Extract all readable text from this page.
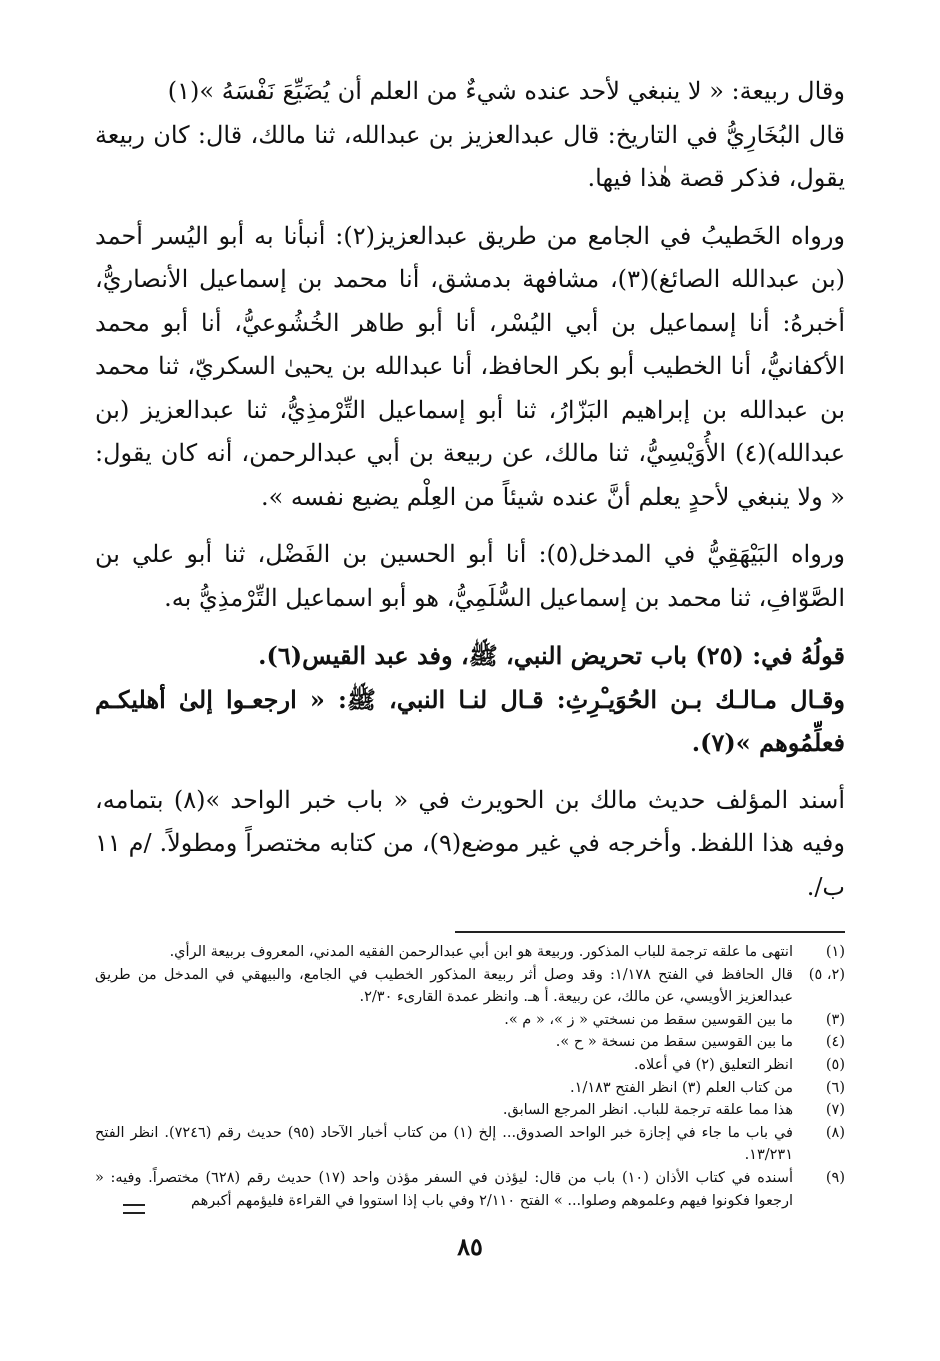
وقال ربيعة: « لا ينبغي لأحد عنده شيءٌ من العلم أن يُضَيِّعَ نَفْسَهُ »(١)

قال البُخَارِيُّ في التاريخ: قال عبدالعزيز بن عبدالله، ثنا مالك، قال: كان ربيعة يقول، فذكر قصة هٰذا فيها.

ورواه الخَطيبُ في الجامع من طريق عبدالعزيز(٢): أنبأنا به أبو اليُسر أحمد (بن عبدالله الصائغ)(٣)، مشافهة بدمشق، أنا محمد بن إسماعيل الأنصاريُّ، أخبرهُ: أنا إسماعيل بن أبي اليُسْر، أنا أبو طاهر الخُشُوعيُّ، أنا أبو محمد الأكفانيُّ، أنا الخطيب أبو بكر الحافظ، أنا عبدالله بن يحيىٰ السكريّ، ثنا محمد بن عبدالله بن إبراهيم البَزّارُ، ثنا أبو إسماعيل التِّرْمذِيُّ، ثنا عبدالعزيز (بن عبدالله)(٤) الأُوَيْسِيُّ، ثنا مالك، عن ربيعة بن أبي عبدالرحمن، أنه كان يقول: « ولا ينبغي لأحدٍ يعلم أنَّ عنده شيئاً من العِلْم يضيع نفسه ».

ورواه البَيْهَقِيُّ في المدخل(٥): أنا أبو الحسين بن الفَضْل، ثنا أبو علي بن الصَّوّافِ، ثنا محمد بن إسماعيل السُّلَمِيُّ، هو أبو اسماعيل التِّرْمذِيُّ به.

قولُهُ في: (٢٥) باب تحريض النبي، ﷺ، وفد عبد القيس(٦).

وقـال مـالـك بـن الحُوَيـْرِثِ: قـال لنـا النبي، ﷺ: « ارجعـوا إلىٰ أهليكـم فعلِّمُوهم »(٧).

أسند المؤلف حديث مالك بن الحويرث في « باب خبر الواحد »(٨) بتمامه، وفيه هذا اللفظ. وأخرجه في غير موضع(٩)، من كتابه مختصراً ومطولاً. /م ١١ ب/.

(١)
انتهى ما علقه ترجمة للباب المذكور. وربيعة هو ابن أبي عبدالرحمن الفقيه المدني، المعروف بربيعة الرأي.
(٢، ٥)
قال الحافظ في الفتح ١/١٧٨: وقد وصل أثر ربيعة المذكور الخطيب في الجامع، والبيهقي في المدخل من طريق عبدالعزيز الأويسي، عن مالك، عن ربيعة. أ هـ. وانظر عمدة القارىء ٢/٣٠.
(٣)
ما بين القوسين سقط من نسختي « ز »، « م ».
(٤)
ما بين القوسين سقط من نسخة « ح ».
(٥)
انظر التعليق (٢) في أعلاه.
(٦)
من كتاب العلم (٣) انظر الفتح ١/١٨٣.
(٧)
هذا مما علقه ترجمة للباب. انظر المرجع السابق.
(٨)
في باب ما جاء في إجازة خبر الواحد الصدوق... إلخ (١) من كتاب أخبار الآحاد (٩٥) حديث رقم (٧٢٤٦). انظر الفتح ١٣/٢٣١.
(٩)
أسنده في كتاب الأذان (١٠) باب من قال: ليؤذن في السفر مؤذن واحد (١٧) حديث رقم (٦٢٨) مختصراً. وفيه: « ارجعوا فكونوا فيهم وعلموهم وصلوا... » الفتح ٢/١١٠ وفي باب إذا استووا في القراءة فليؤمهم أكبرهم
٨٥
